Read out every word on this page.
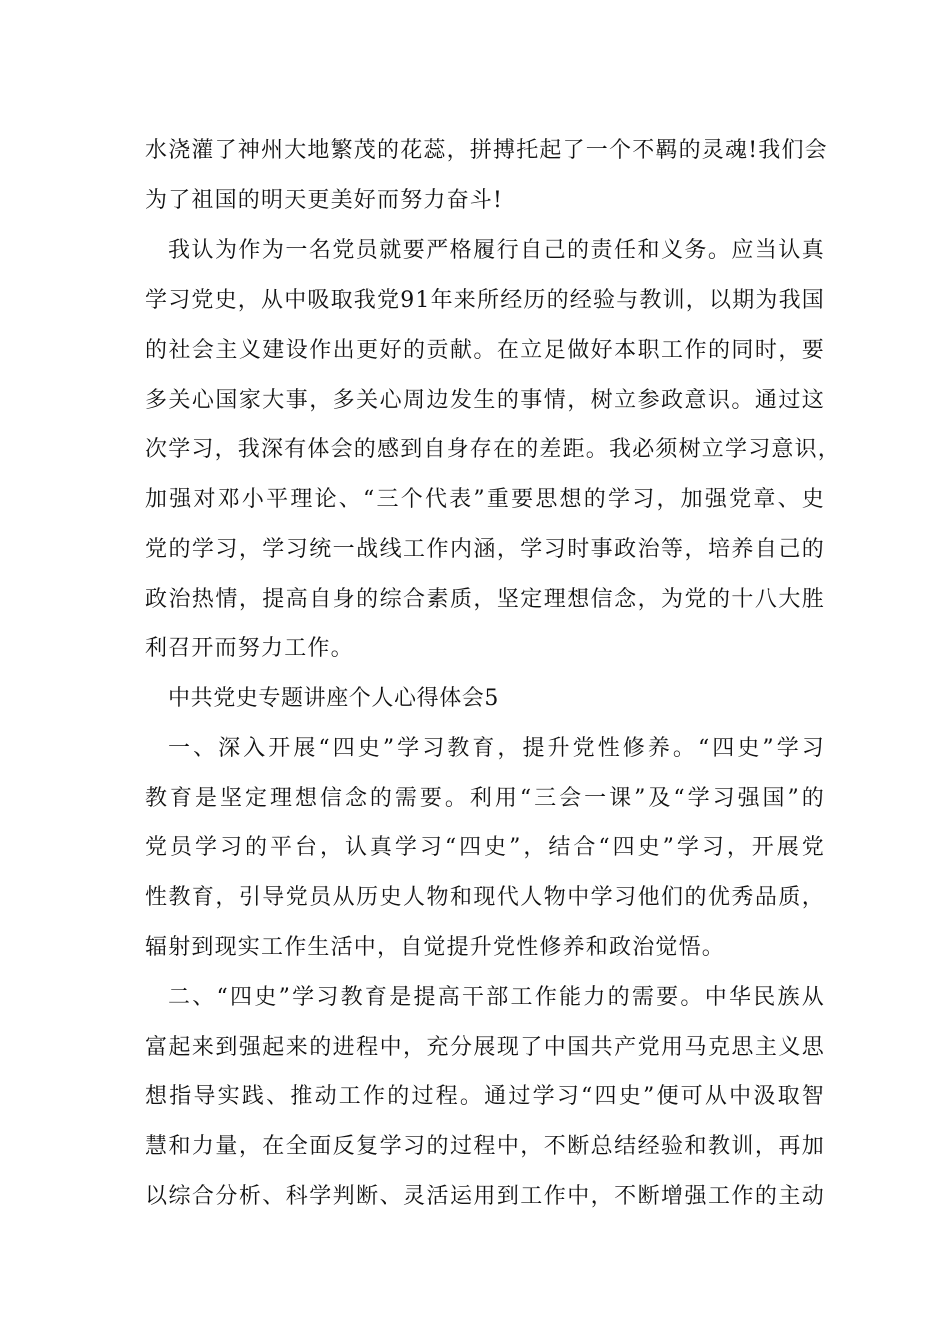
水浇灌了神州大地繁茂的花蕊，拼搏托起了一个不羁的灵魂!我们会
为了祖国的明天更美好而努力奋斗!
我认为作为一名党员就要严格履行自己的责任和义务。应当认真
学习党史，从中吸取我党91年来所经历的经验与教训，以期为我国
的社会主义建设作出更好的贡献。在立足做好本职工作的同时，要
多关心国家大事，多关心周边发生的事情，树立参政意识。通过这
次学习，我深有体会的感到自身存在的差距。我必须树立学习意识，
加强对邓小平理论、“三个代表”重要思想的学习，加强党章、史
党的学习，学习统一战线工作内涵，学习时事政治等，培养自己的
政治热情，提高自身的综合素质，坚定理想信念，为党的十八大胜
利召开而努力工作。
中共党史专题讲座个人心得体会5
一、深入开展“四史”学习教育，提升党性修养。“四史”学习
教育是坚定理想信念的需要。利用“三会一课”及“学习强国”的
党员学习的平台，认真学习“四史”，结合“四史”学习，开展党
性教育，引导党员从历史人物和现代人物中学习他们的优秀品质，
辐射到现实工作生活中，自觉提升党性修养和政治觉悟。
二、“四史”学习教育是提高干部工作能力的需要。中华民族从
富起来到强起来的进程中，充分展现了中国共产党用马克思主义思
想指导实践、推动工作的过程。通过学习“四史”便可从中汲取智
慧和力量，在全面反复学习的过程中，不断总结经验和教训，再加
以综合分析、科学判断、灵活运用到工作中，不断增强工作的主动
